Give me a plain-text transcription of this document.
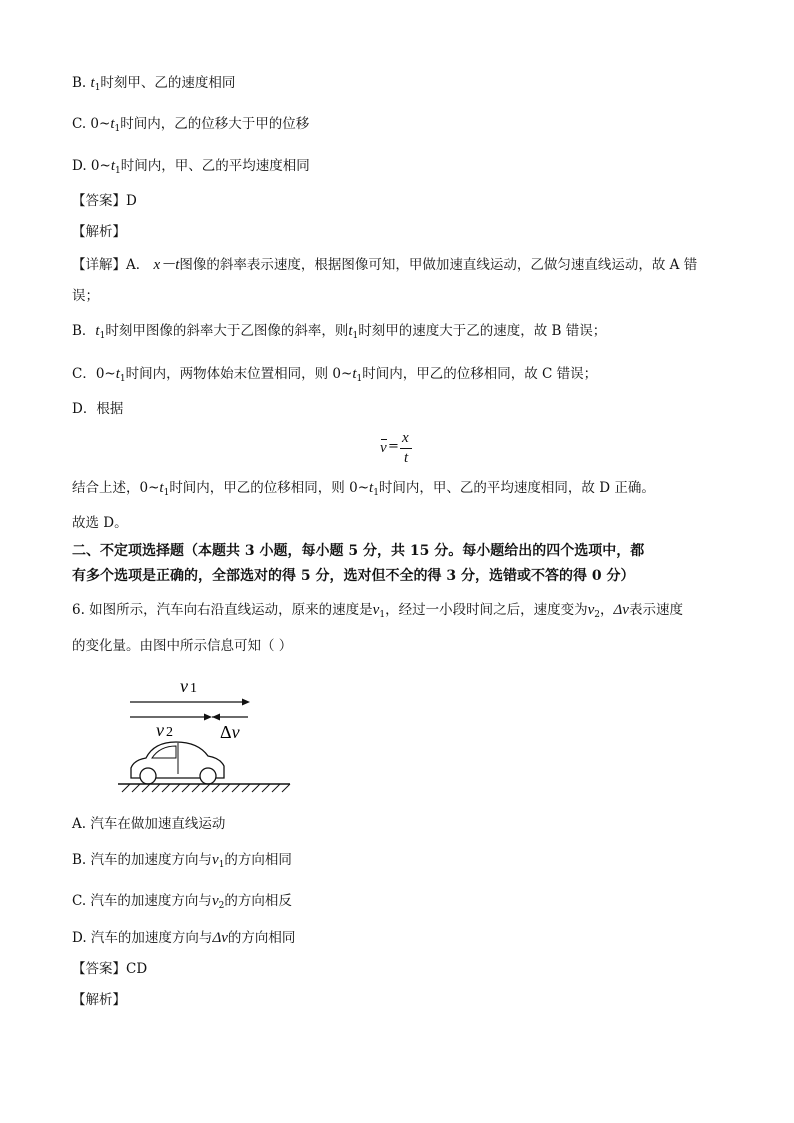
B. $t_1$时刻甲、乙的速度相同
C. $0\sim t_1$时间内，乙的位移大于甲的位移
D. $0\sim t_1$时间内，甲、乙的平均速度相同
【答案】D
【解析】
【详解】A． x－t图像的斜率表示速度，根据图像可知，甲做加速直线运动，乙做匀速直线运动，故 A 错
误；
B．$t_1$时刻甲图像的斜率大于乙图像的斜率，则$t_1$时刻甲的速度大于乙的速度，故 B 错误；
C．$0\sim t_1$时间内，两物体始末位置相同，则 $0\sim t_1$时间内，甲乙的位移相同，故 C 错误；
D．根据
v =
x
t
结合上述，$0\sim t_1$时间内，甲乙的位移相同，则 $0\sim t_1$时间内，甲、乙的平均速度相同，故 D 正确。
故选 D。
二、不定项选择题（本题共 3 小题，每小题 5 分，共 15 分。每小题给出的四个选项中，都
有多个选项是正确的，全部选对的得 5 分，选对但不全的得 3 分，选错或不答的得 0 分）
6. 如图所示，汽车向右沿直线运动，原来的速度是$v_1$，经过一小段时间之后，速度变为$v_2$，Δv表示速度
的变化量。由图中所示信息可知（ ）
v 1
v 2	Δv
A. 汽车在做加速直线运动
B. 汽车的加速度方向与$v_1$的方向相同
C. 汽车的加速度方向与$v_2$的方向相反
D. 汽车的加速度方向与Δv的方向相同
【答案】CD
【解析】
